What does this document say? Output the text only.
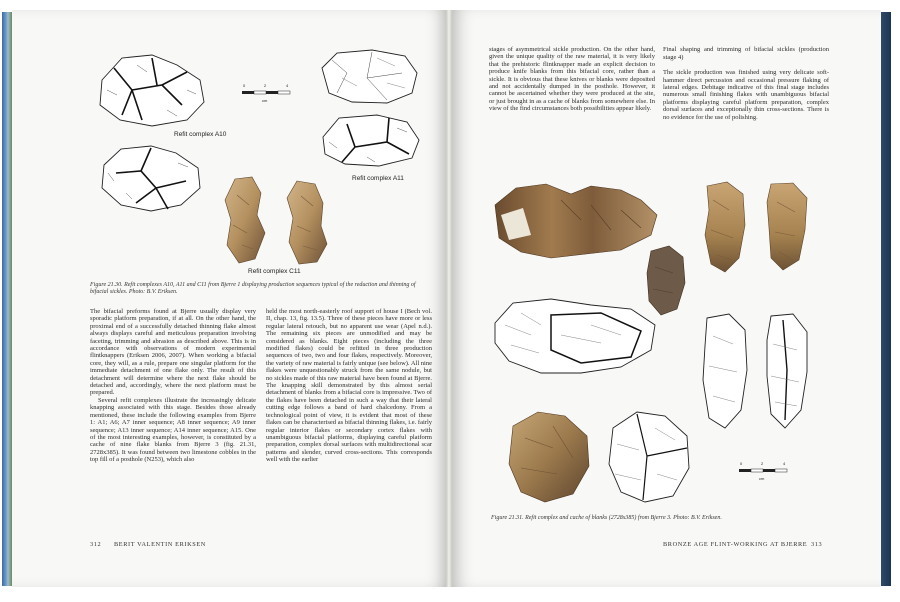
Refit complex A10
0	2	4
cm
Refit complex A11
Refit complex C11
Figure 21.30. Refit complexes A10, A11 and C11 from Bjerre 1 displaying production sequences typical of the reduction and thinning of bifacial sickles. Photo: B.V. Eriksen.

The bifacial preforms found at Bjerre usually display very sporadic platform preparation, if at all. On the other hand, the proximal end of a successfully detached thinning flake almost always displays careful and meticulous preparation involving faceting, trimming and abrasion as described above. This is in accordance with observations of modern experimental flintknappers (Eriksen 2006, 2007). When working a bifacial core, they will, as a rule, prepare one singular platform for the immediate detachment of one flake only. The result of this detachment will determine where the next flake should be detached and, accordingly, where the next platform must be prepared.

Several refit complexes illustrate the increasingly delicate knapping associated with this stage. Besides those already mentioned, these include the following examples from Bjerre 1: A1; A6; A7 inner sequence; A8 inner sequence; A9 inner sequence; A13 inner sequence; A14 inner sequence; A15. One of the most interesting examples, however, is constituted by a cache of nine flake blanks from Bjerre 3 (fig. 21.31, 2728x385). It was found between two limestone cobbles in the top fill of a posthole (N253), which also

held the most north-easterly roof support of house I (Bech vol. II, chap. 13, fig. 13.5). Three of these pieces have more or less regular lateral retouch, but no apparent use wear (Apel n.d.). The remaining six pieces are unmodified and may be considered as blanks. Eight pieces (including the three modified flakes) could be refitted in three production sequences of two, two and four flakes, respectively. Moreover, the variety of raw material is fairly unique (see below). All nine flakes were unquestionably struck from the same nodule, but no sickles made of this raw material have been found at Bjerre. The knapping skill demonstrated by this almost serial detachment of blanks from a bifacial core is impressive. Two of the flakes have been detached in such a way that their lateral cutting edge follows a band of hard chalcedony. From a technological point of view, it is evident that most of these flakes can be characterised as bifacial thinning flakes, i.e. fairly regular interior flakes or secondary cortex flakes with unambiguous bifacial platforms, displaying careful platform preparation, complex dorsal surfaces with multidirectional scar patterns and slender, curved cross-sections. This corresponds well with the earlier

312 BERIT VALENTIN ERIKSEN

stages of asymmetrical sickle production. On the other hand, given the unique quality of the raw material, it is very likely that the prehistoric flintknapper made an explicit decision to produce knife blanks from this bifacial core, rather than a sickle. It is obvious that these knives or blanks were deposited and not accidentally dumped in the posthole. However, it cannot be ascertained whether they were produced at the site, or just brought in as a cache of blanks from somewhere else. In view of the find circumstances both possibilities appear likely.

Final shaping and trimming of bifacial sickles (production stage 4)

The sickle production was finished using very delicate soft-hammer direct percussion and occasional pressure flaking of lateral edges. Debitage indicative of this final stage includes numerous small finishing flakes with unambiguous bifacial platforms displaying careful platform preparation, complex dorsal surfaces and exceptionally thin cross-sections. There is no evidence for the use of polishing.

0	2	4
cm
Figure 21.31. Refit complex and cache of blanks (2728x385) from Bjerre 3. Photo: B.V. Eriksen.
BRONZE AGE FLINT-WORKING AT BJERRE 313
